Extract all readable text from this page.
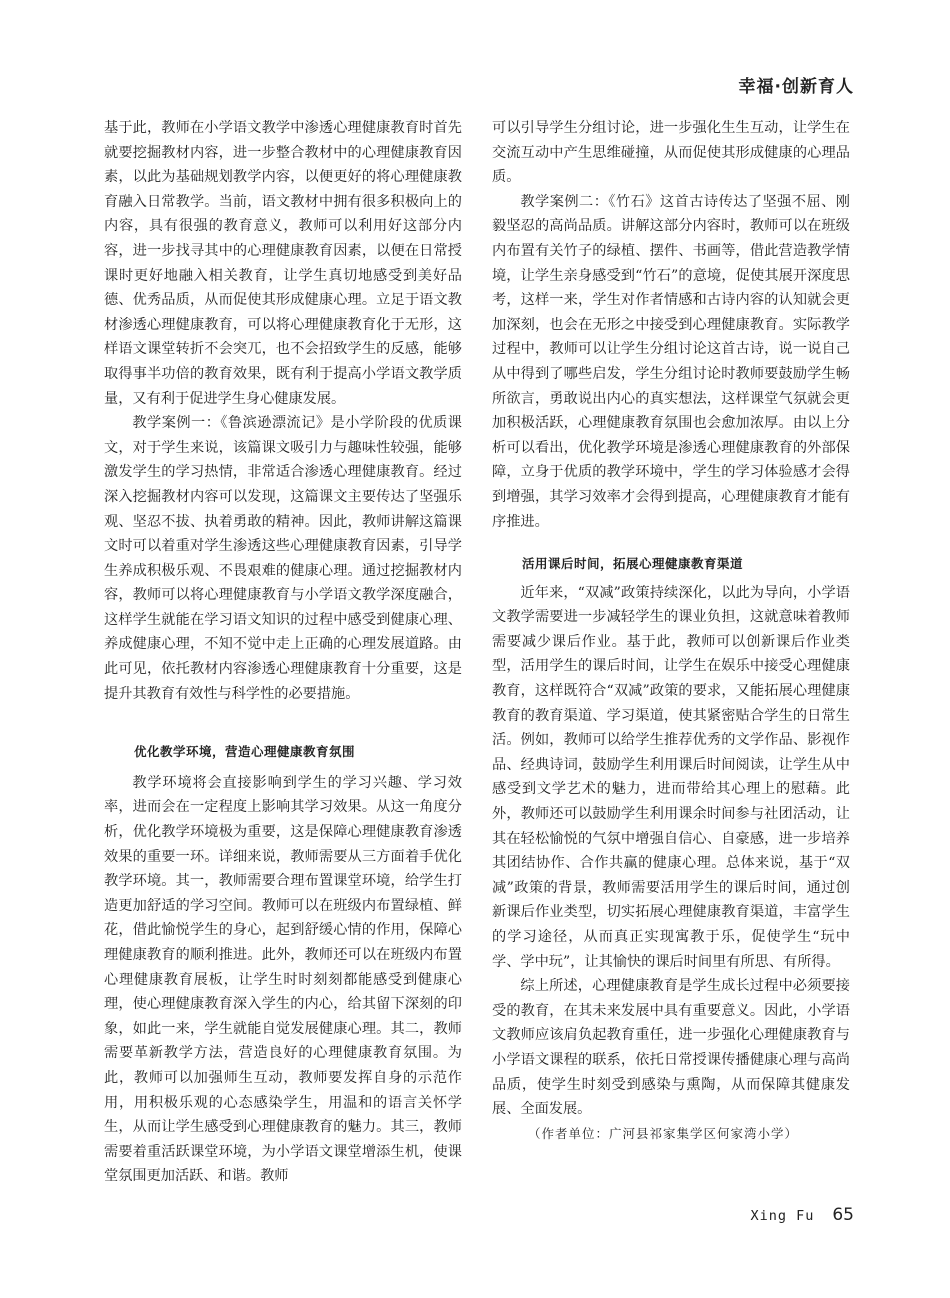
幸福·创新育人

基于此，教师在小学语文教学中渗透心理健康教育时首先就要挖掘教材内容，进一步整合教材中的心理健康教育因素，以此为基础规划教学内容，以便更好的将心理健康教育融入日常教学。当前，语文教材中拥有很多积极向上的内容，具有很强的教育意义，教师可以利用好这部分内容，进一步找寻其中的心理健康教育因素，以便在日常授课时更好地融入相关教育，让学生真切地感受到美好品德、优秀品质，从而促使其形成健康心理。立足于语文教材渗透心理健康教育，可以将心理健康教育化于无形，这样语文课堂转折不会突兀，也不会招致学生的反感，能够取得事半功倍的教育效果，既有利于提高小学语文教学质量，又有利于促进学生身心健康发展。

教学案例一：《鲁滨逊漂流记》是小学阶段的优质课文，对于学生来说，该篇课文吸引力与趣味性较强，能够激发学生的学习热情，非常适合渗透心理健康教育。经过深入挖掘教材内容可以发现，这篇课文主要传达了坚强乐观、坚忍不拔、执着勇敢的精神。因此，教师讲解这篇课文时可以着重对学生渗透这些心理健康教育因素，引导学生养成积极乐观、不畏艰难的健康心理。通过挖掘教材内容，教师可以将心理健康教育与小学语文教学深度融合，这样学生就能在学习语文知识的过程中感受到健康心理、养成健康心理，不知不觉中走上正确的心理发展道路。由此可见，依托教材内容渗透心理健康教育十分重要，这是提升其教育有效性与科学性的必要措施。

优化教学环境，营造心理健康教育氛围

教学环境将会直接影响到学生的学习兴趣、学习效率，进而会在一定程度上影响其学习效果。从这一角度分析，优化教学环境极为重要，这是保障心理健康教育渗透效果的重要一环。详细来说，教师需要从三方面着手优化教学环境。其一，教师需要合理布置课堂环境，给学生打造更加舒适的学习空间。教师可以在班级内布置绿植、鲜花，借此愉悦学生的身心，起到舒缓心情的作用，保障心理健康教育的顺利推进。此外，教师还可以在班级内布置心理健康教育展板，让学生时时刻刻都能感受到健康心理，使心理健康教育深入学生的内心，给其留下深刻的印象，如此一来，学生就能自觉发展健康心理。其二，教师需要革新教学方法，营造良好的心理健康教育氛围。为此，教师可以加强师生互动，教师要发挥自身的示范作用，用积极乐观的心态感染学生，用温和的语言关怀学生，从而让学生感受到心理健康教育的魅力。其三，教师需要着重活跃课堂环境，为小学语文课堂增添生机，使课堂氛围更加活跃、和谐。教师

可以引导学生分组讨论，进一步强化生生互动，让学生在交流互动中产生思维碰撞，从而促使其形成健康的心理品质。

教学案例二：《竹石》这首古诗传达了坚强不屈、刚毅坚忍的高尚品质。讲解这部分内容时，教师可以在班级内布置有关竹子的绿植、摆件、书画等，借此营造教学情境，让学生亲身感受到“竹石”的意境，促使其展开深度思考，这样一来，学生对作者情感和古诗内容的认知就会更加深刻，也会在无形之中接受到心理健康教育。实际教学过程中，教师可以让学生分组讨论这首古诗，说一说自己从中得到了哪些启发，学生分组讨论时教师要鼓励学生畅所欲言，勇敢说出内心的真实想法，这样课堂气氛就会更加积极活跃，心理健康教育氛围也会愈加浓厚。由以上分析可以看出，优化教学环境是渗透心理健康教育的外部保障，立身于优质的教学环境中，学生的学习体验感才会得到增强，其学习效率才会得到提高，心理健康教育才能有序推进。

活用课后时间，拓展心理健康教育渠道

近年来，“双减”政策持续深化，以此为导向，小学语文教学需要进一步减轻学生的课业负担，这就意味着教师需要减少课后作业。基于此，教师可以创新课后作业类型，活用学生的课后时间，让学生在娱乐中接受心理健康教育，这样既符合“双减”政策的要求，又能拓展心理健康教育的教育渠道、学习渠道，使其紧密贴合学生的日常生活。例如，教师可以给学生推荐优秀的文学作品、影视作品、经典诗词，鼓励学生利用课后时间阅读，让学生从中感受到文学艺术的魅力，进而带给其心理上的慰藉。此外，教师还可以鼓励学生利用课余时间参与社团活动，让其在轻松愉悦的气氛中增强自信心、自豪感，进一步培养其团结协作、合作共赢的健康心理。总体来说，基于“双减”政策的背景，教师需要活用学生的课后时间，通过创新课后作业类型，切实拓展心理健康教育渠道，丰富学生的学习途径，从而真正实现寓教于乐，促使学生“玩中学、学中玩”，让其愉快的课后时间里有所思、有所得。

综上所述，心理健康教育是学生成长过程中必须要接受的教育，在其未来发展中具有重要意义。因此，小学语文教师应该肩负起教育重任，进一步强化心理健康教育与小学语文课程的联系，依托日常授课传播健康心理与高尚品质，使学生时刻受到感染与熏陶，从而保障其健康发展、全面发展。

（作者单位：广河县祁家集学区何家湾小学）

Xing Fu 65
